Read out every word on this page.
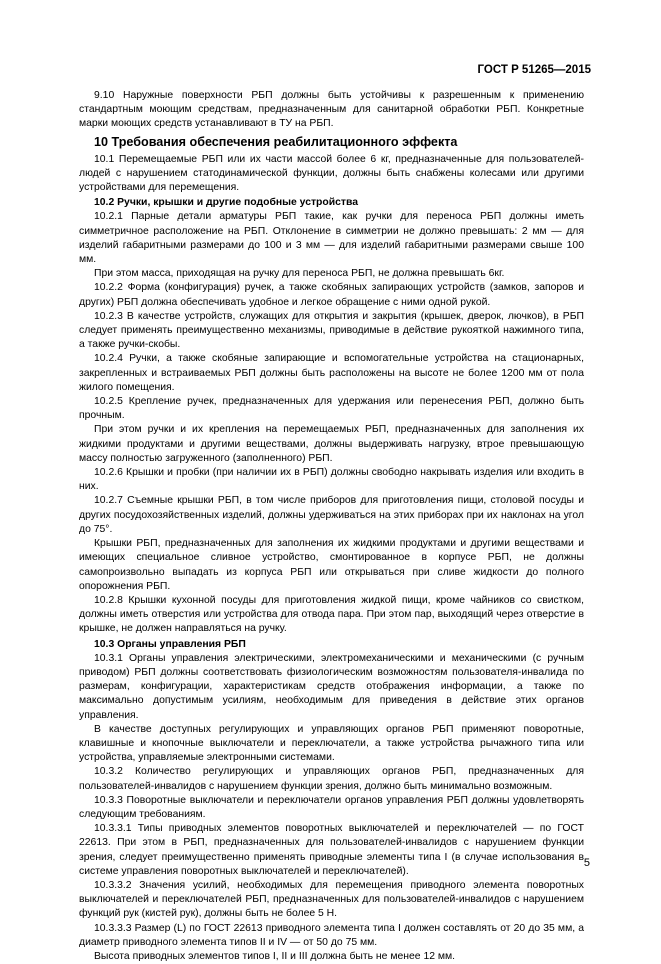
ГОСТ Р 51265—2015

9.10 Наружные поверхности РБП должны быть устойчивы к разрешенным к применению стандартным моющим средствам, предназначенным для санитарной обработки РБП. Конкретные марки моющих средств устанавливают в ТУ на РБП.

10 Требования обеспечения реабилитационного эффекта

10.1 Перемещаемые РБП или их части массой более 6 кг, предназначенные для пользователей-людей с нарушением статодинамической функции, должны быть снабжены колесами или другими устройствами для перемещения.

10.2 Ручки, крышки и другие подобные устройства

10.2.1 Парные детали арматуры РБП такие, как ручки для переноса РБП должны иметь симметричное расположение на РБП. Отклонение в симметрии не должно превышать: 2 мм — для изделий габаритными размерами до 100 и 3 мм — для изделий габаритными размерами свыше 100 мм.

При этом масса, приходящая на ручку для переноса РБП, не должна превышать 6кг.

10.2.2 Форма (конфигурация) ручек, а также скобяных запирающих устройств (замков, запоров и других) РБП должна обеспечивать удобное и легкое обращение с ними одной рукой.

10.2.3 В качестве устройств, служащих для открытия и закрытия (крышек, дверок, лючков), в РБП следует применять преимущественно механизмы, приводимые в действие рукояткой нажимного типа, а также ручки-скобы.

10.2.4 Ручки, а также скобяные запирающие и вспомогательные устройства на стационарных, закрепленных и встраиваемых РБП должны быть расположены на высоте не более 1200 мм от пола жилого помещения.

10.2.5 Крепление ручек, предназначенных для удержания или перенесения РБП, должно быть прочным.

При этом ручки и их крепления на перемещаемых РБП, предназначенных для заполнения их жидкими продуктами и другими веществами, должны выдерживать нагрузку, втрое превышающую массу полностью загруженного (заполненного) РБП.

10.2.6 Крышки и пробки (при наличии их в РБП) должны свободно накрывать изделия или входить в них.

10.2.7 Съемные крышки РБП, в том числе приборов для приготовления пищи, столовой посуды и других посудохозяйственных изделий, должны удерживаться на этих приборах при их наклонах на угол до 75°.

Крышки РБП, предназначенных для заполнения их жидкими продуктами и другими веществами и имеющих специальное сливное устройство, смонтированное в корпусе РБП, не должны самопроизвольно выпадать из корпуса РБП или открываться при сливе жидкости до полного опорожнения РБП.

10.2.8 Крышки кухонной посуды для приготовления жидкой пищи, кроме чайников со свистком, должны иметь отверстия или устройства для отвода пара. При этом пар, выходящий через отверстие в крышке, не должен направляться на ручку.

10.3 Органы управления РБП

10.3.1 Органы управления электрическими, электромеханическими и механическими (с ручным приводом) РБП должны соответствовать физиологическим возможностям пользователя-инвалида по размерам, конфигурации, характеристикам средств отображения информации, а также по максимально допустимым усилиям, необходимым для приведения в действие этих органов управления.

В качестве доступных регулирующих и управляющих органов РБП применяют поворотные, клавишные и кнопочные выключатели и переключатели, а также устройства рычажного типа или устройства, управляемые электронными системами.

10.3.2 Количество регулирующих и управляющих органов РБП, предназначенных для пользователей-инвалидов с нарушением функции зрения, должно быть минимально возможным.

10.3.3 Поворотные выключатели и переключатели органов управления РБП должны удовлетворять следующим требованиям.

10.3.3.1 Типы приводных элементов поворотных выключателей и переключателей — по ГОСТ 22613. При этом в РБП, предназначенных для пользователей-инвалидов с нарушением функции зрения, следует преимущественно применять приводные элементы типа I (в случае использования в системе управления поворотных выключателей и переключателей).

10.3.3.2 Значения усилий, необходимых для перемещения приводного элемента поворотных выключателей и переключателей РБП, предназначенных для пользователей-инвалидов с нарушением функций рук (кистей рук), должны быть не более 5 Н.

10.3.3.3 Размер (L) по ГОСТ 22613 приводного элемента типа I должен составлять от 20 до 35 мм, а диаметр приводного элемента типов II и IV — от 50 до 75 мм.

Высота приводных элементов типов I, II и III должна быть не менее 12 мм.

5
